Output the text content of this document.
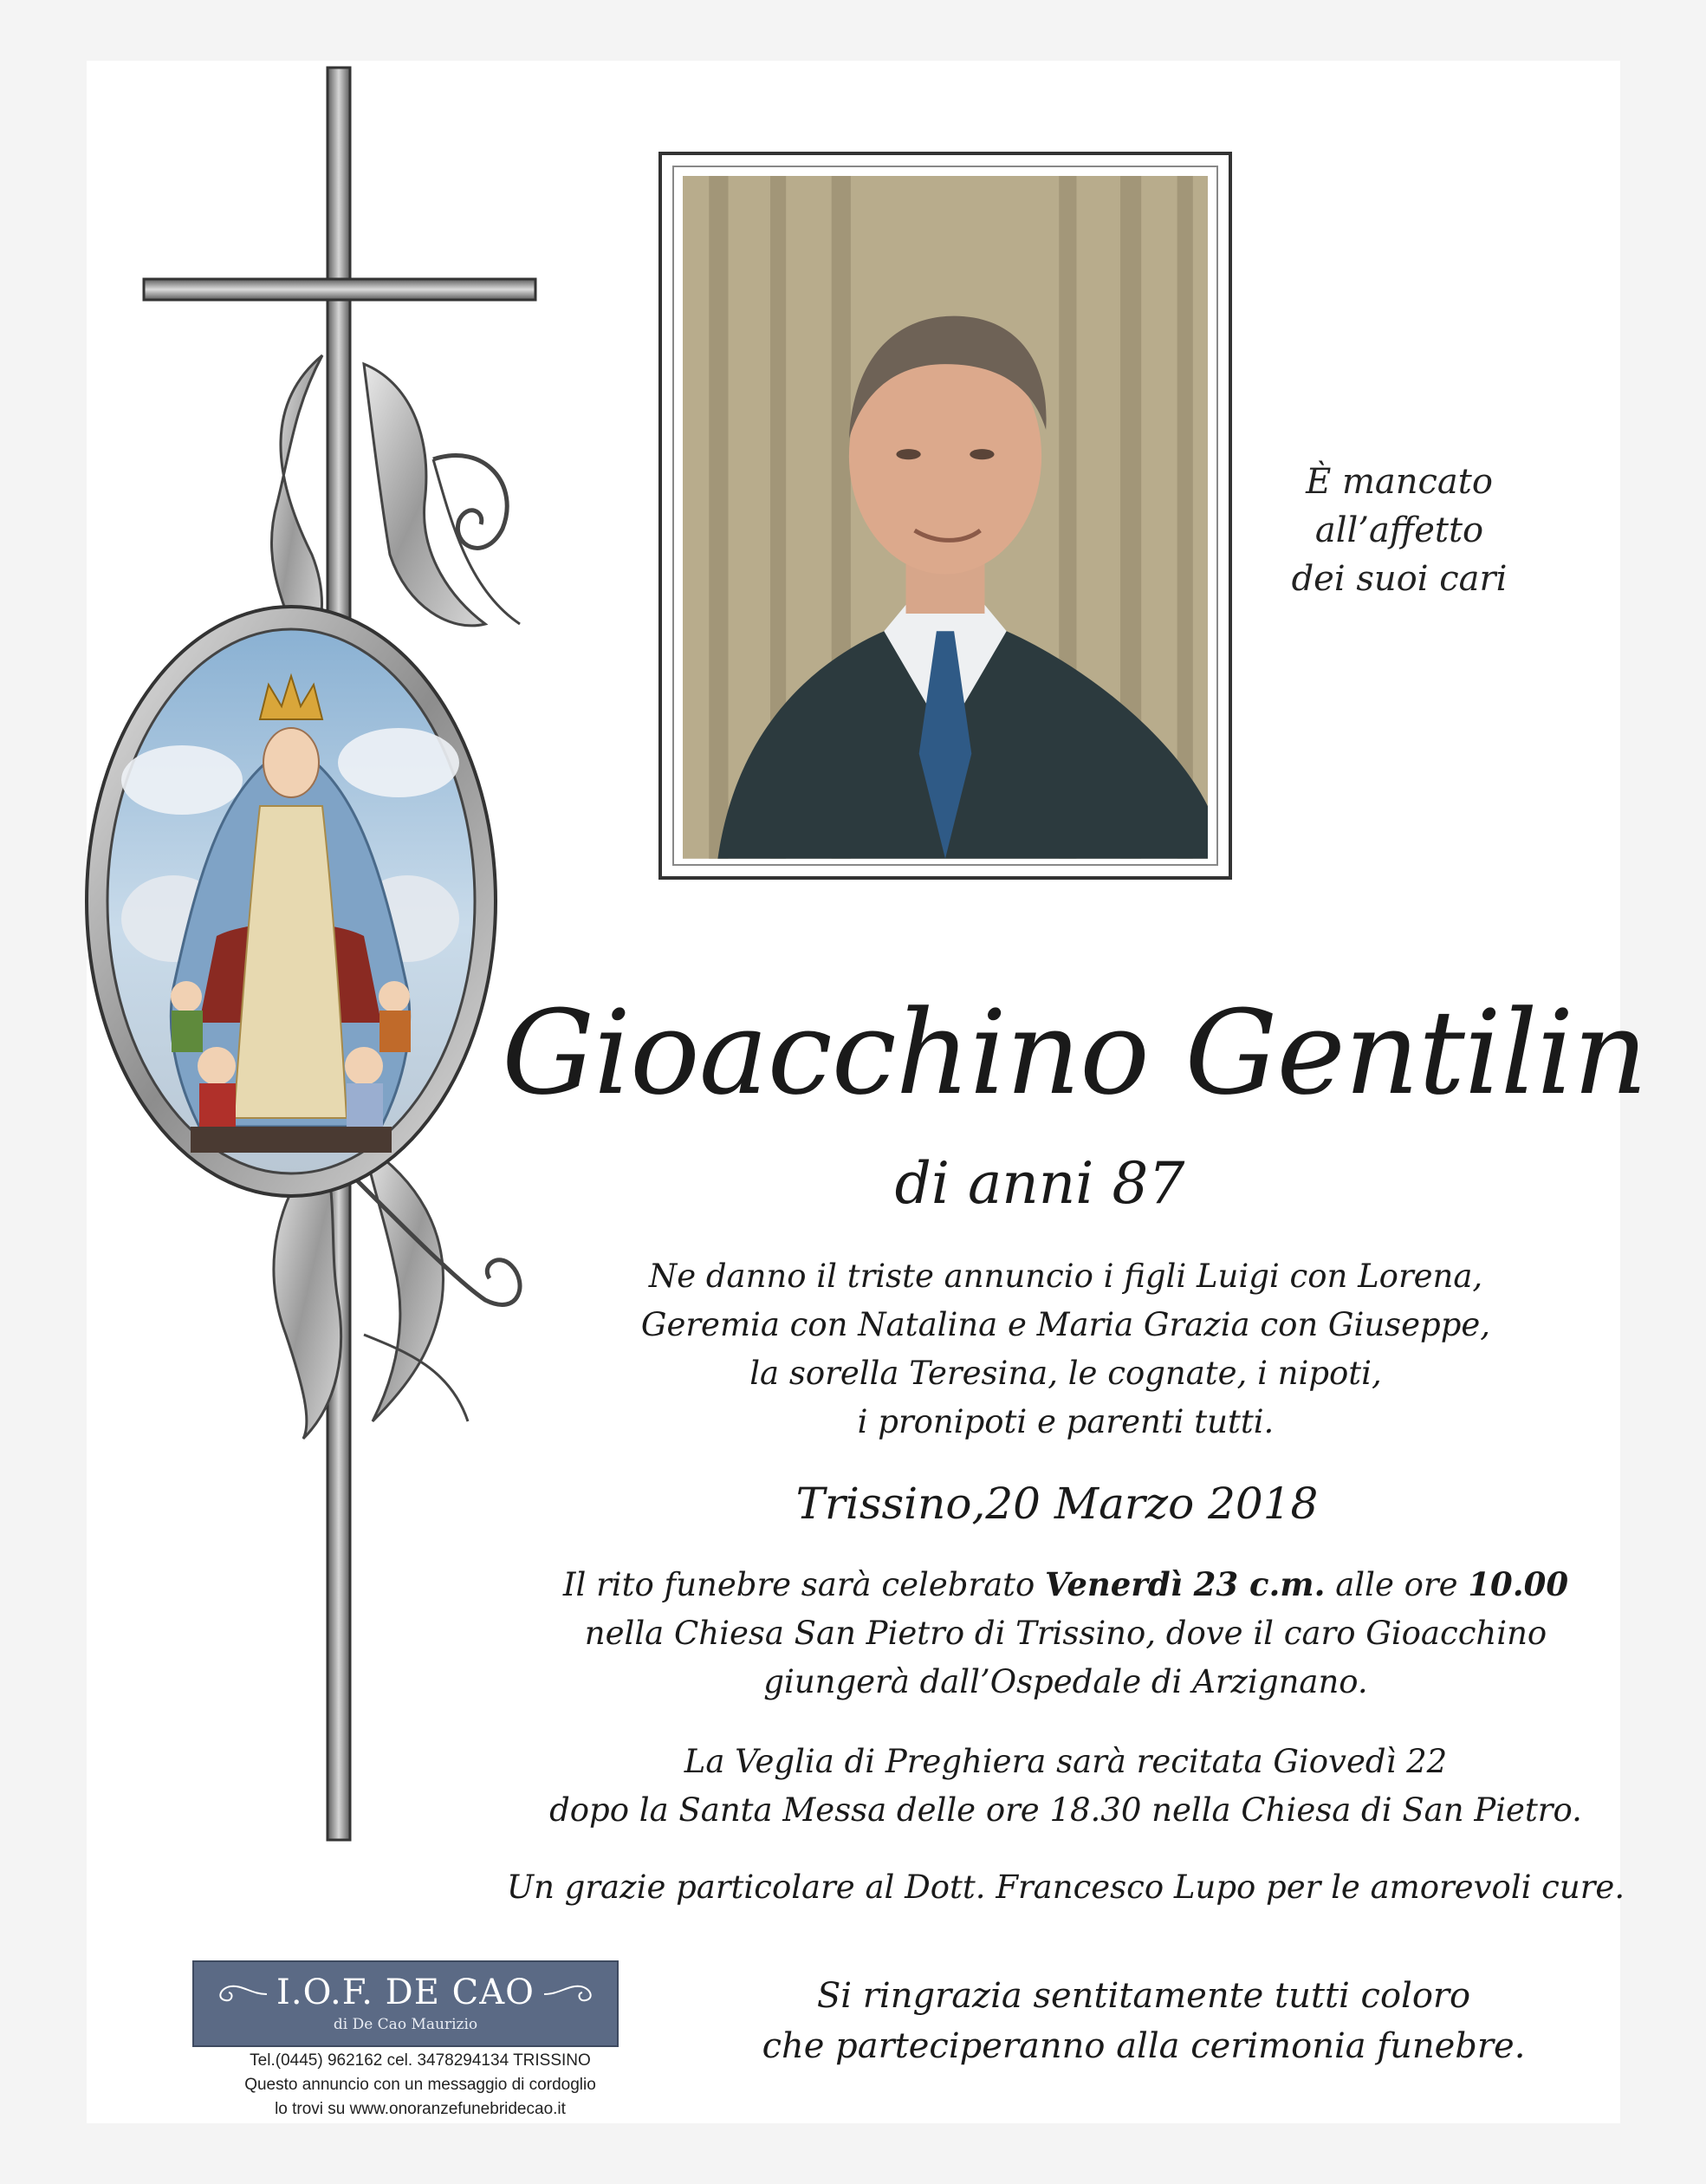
È mancato
all’affetto
dei suoi cari
Gioacchino Gentilin
di anni 87
Ne danno il triste annuncio i figli Luigi con Lorena,
Geremia con Natalina e Maria Grazia con Giuseppe,
la sorella Teresina, le cognate, i nipoti,
i pronipoti e parenti tutti.
Trissino,20 Marzo 2018
Il rito funebre sarà celebrato Venerdì 23 c.m. alle ore 10.00
nella Chiesa San Pietro di Trissino, dove il caro Gioacchino
giungerà dall’Ospedale di Arzignano.
La Veglia di Preghiera sarà recitata Giovedì 22
dopo la Santa Messa delle ore 18.30 nella Chiesa di San Pietro.
Un grazie particolare al Dott. Francesco Lupo per le amorevoli cure.
I.O.F. DE CAO
di De Cao Maurizio
Tel.(0445) 962162 cel. 3478294134 TRISSINO
Questo annuncio con un messaggio di cordoglio
lo trovi su www.onoranzefunebridecao.it
Si ringrazia sentitamente tutti coloro
che parteciperanno alla cerimonia funebre.
